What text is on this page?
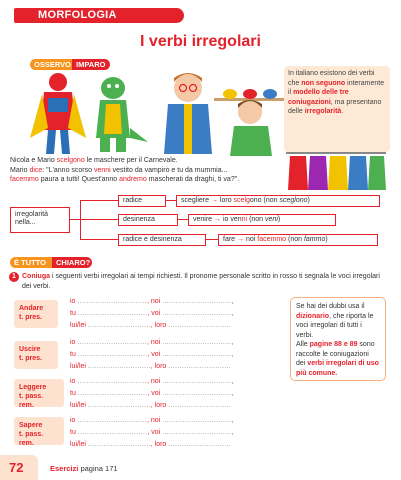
MORFOLOGIA
I verbi irregolari
OSSERVO IMPARO
In italiano esistono dei verbi che non seguono interamente il modello delle tre coniugazioni, ma presentano delle irregolarità.
Nicola e Mario scelgono le maschere per il Carnevale.
Mario dice: "L'anno scorso venni vestito da vampiro e tu da mummia...
facemmo paura a tutti! Quest'anno andremo mascherati da draghi, ti va?".
irregolarità nella...
radice	scegliere → loro scelgono (non sceglono)
desinenza	venire → io venni (non veni)
radice e desinenza	fare → noi facemmo (non fammo)
È TUTTO CHIARO?
1 Coniuga i seguenti verbi irregolari ai tempi richiesti. Il pronome personale scritto in rosso ti segnala le voci irregolari dei verbi.
Andare
t. pres.
io ..............................., noi ...............................,
tu ..............................., voi ...............................,
lui/lei ............................, loro ............................
Uscire
t. pres.
io ..............................., noi ...............................,
tu ..............................., voi ...............................,
lui/lei ............................, loro ............................
Leggere
t. pass. rem.
io ..............................., noi ...............................,
tu ..............................., voi ...............................,
lui/lei ............................, loro ............................
Sapere
t. pass. rem.
io ..............................., noi ...............................,
tu ..............................., voi ...............................,
lui/lei ............................, loro ............................
Se hai dei dubbi usa il dizionario, che riporta le voci irregolari di tutti i verbi.
Alle pagine 88 e 89 sono raccolte le coniugazioni dei verbi irregolari di uso più comune.
72	Esercizi pagina 171
